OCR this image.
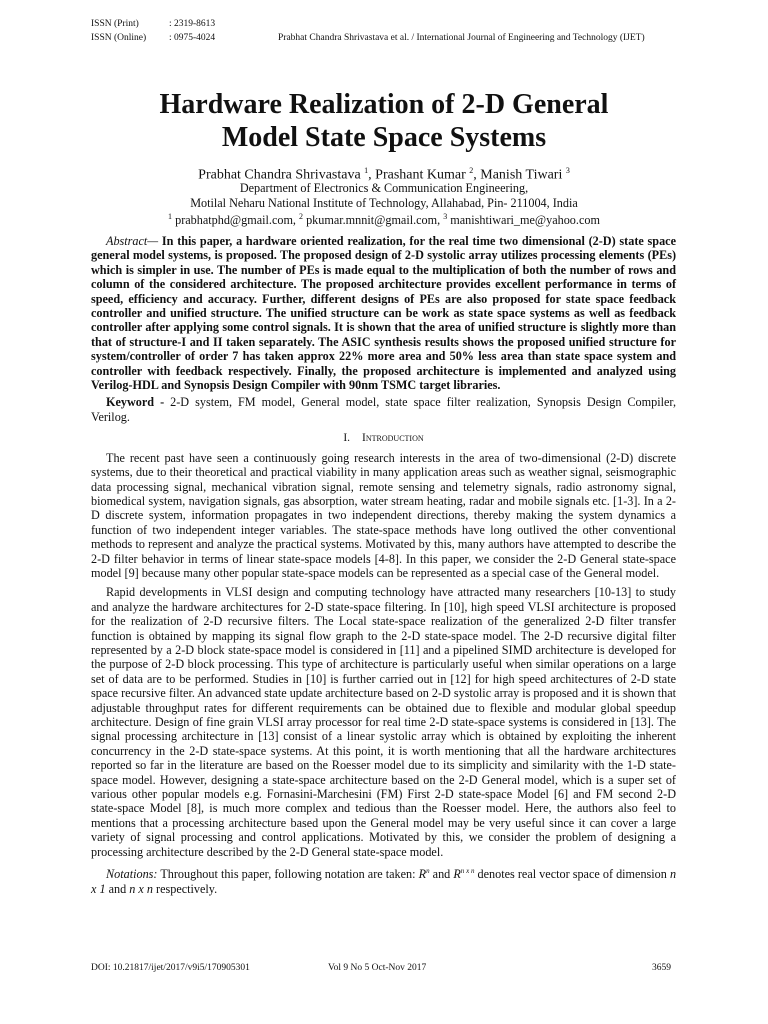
ISSN (Print)	: 2319-8613
ISSN (Online) : 0975-4024	Prabhat Chandra Shrivastava et al. / International Journal of Engineering and Technology (IJET)
Hardware Realization of 2-D General
Model State Space Systems
Prabhat Chandra Shrivastava $^1$, Prashant Kumar $^2$, Manish Tiwari $^3$
Department of Electronics & Communication Engineering,
Motilal Neharu National Institute of Technology, Allahabad, Pin- 211004, India
$^1$ prabhatphd@gmail.com, $^2$ pkumar.mnnit@gmail.com, $^3$ manishtiwari_me@yahoo.com

Abstract— In this paper, a hardware oriented realization, for the real time two dimensional (2-D) state space general model systems, is proposed. The proposed design of 2-D systolic array utilizes processing elements (PEs) which is simpler in use. The number of PEs is made equal to the multiplication of both the number of rows and column of the considered architecture. The proposed architecture provides excellent performance in terms of speed, efficiency and accuracy. Further, different designs of PEs are also proposed for state space feedback controller and unified structure. The unified structure can be work as state space systems as well as feedback controller after applying some control signals. It is shown that the area of unified structure is slightly more than that of structure-I and II taken separately. The ASIC synthesis results shows the proposed unified structure for system/controller of order 7 has taken approx 22% more area and 50% less area than state space system and controller with feedback respectively. Finally, the proposed architecture is implemented and analyzed using Verilog-HDL and Synopsis Design Compiler with 90nm TSMC target libraries.

Keyword - 2-D system, FM model, General model, state space filter realization, Synopsis Design Compiler, Verilog.

I. Introduction

The recent past have seen a continuously going research interests in the area of two-dimensional (2-D) discrete systems, due to their theoretical and practical viability in many application areas such as weather signal, seismographic data processing signal, mechanical vibration signal, remote sensing and telemetry signals, radio astronomy signal, biomedical system, navigation signals, gas absorption, water stream heating, radar and mobile signals etc. [1-3]. In a 2-D discrete system, information propagates in two independent directions, thereby making the system dynamics a function of two independent integer variables. The state-space methods have long outlived the other conventional methods to represent and analyze the practical systems. Motivated by this, many authors have attempted to describe the 2-D filter behavior in terms of linear state-space models [4-8]. In this paper, we consider the 2-D General state-space model [9] because many other popular state-space models can be represented as a special case of the General model.

Rapid developments in VLSI design and computing technology have attracted many researchers [10-13] to study and analyze the hardware architectures for 2-D state-space filtering. In [10], high speed VLSI architecture is proposed for the realization of 2-D recursive filters. The Local state-space realization of the generalized 2-D filter transfer function is obtained by mapping its signal flow graph to the 2-D state-space model. The 2-D recursive digital filter represented by a 2-D block state-space model is considered in [11] and a pipelined SIMD architecture is developed for the purpose of 2-D block processing. This type of architecture is particularly useful when similar operations on a large set of data are to be performed. Studies in [10] is further carried out in [12] for high speed architectures of 2-D state space recursive filter. An advanced state update architecture based on 2-D systolic array is proposed and it is shown that adjustable throughput rates for different requirements can be obtained due to flexible and modular global speedup architecture. Design of fine grain VLSI array processor for real time 2-D state-space systems is considered in [13]. The signal processing architecture in [13] consist of a linear systolic array which is obtained by exploiting the inherent concurrency in the 2-D state-space systems. At this point, it is worth mentioning that all the hardware architectures reported so far in the literature are based on the Roesser model due to its simplicity and similarity with the 1-D state-space model. However, designing a state-space architecture based on the 2-D General model, which is a super set of various other popular models e.g. Fornasini-Marchesini (FM) First 2-D state-space Model [6] and FM second 2-D state-space Model [8], is much more complex and tedious than the Roesser model. Here, the authors also feel to mentions that a processing architecture based upon the General model may be very useful since it can cover a large variety of signal processing and control applications. Motivated by this, we consider the problem of designing a processing architecture described by the 2-D General state-space model.

Notations: Throughout this paper, following notation are taken: $R^n$ and $R^{n x n}$ denotes real vector space of dimension n x 1 and n x n respectively.

DOI: 10.21817/ijet/2017/v9i5/170905301	Vol 9 No 5 Oct-Nov 2017	3659
